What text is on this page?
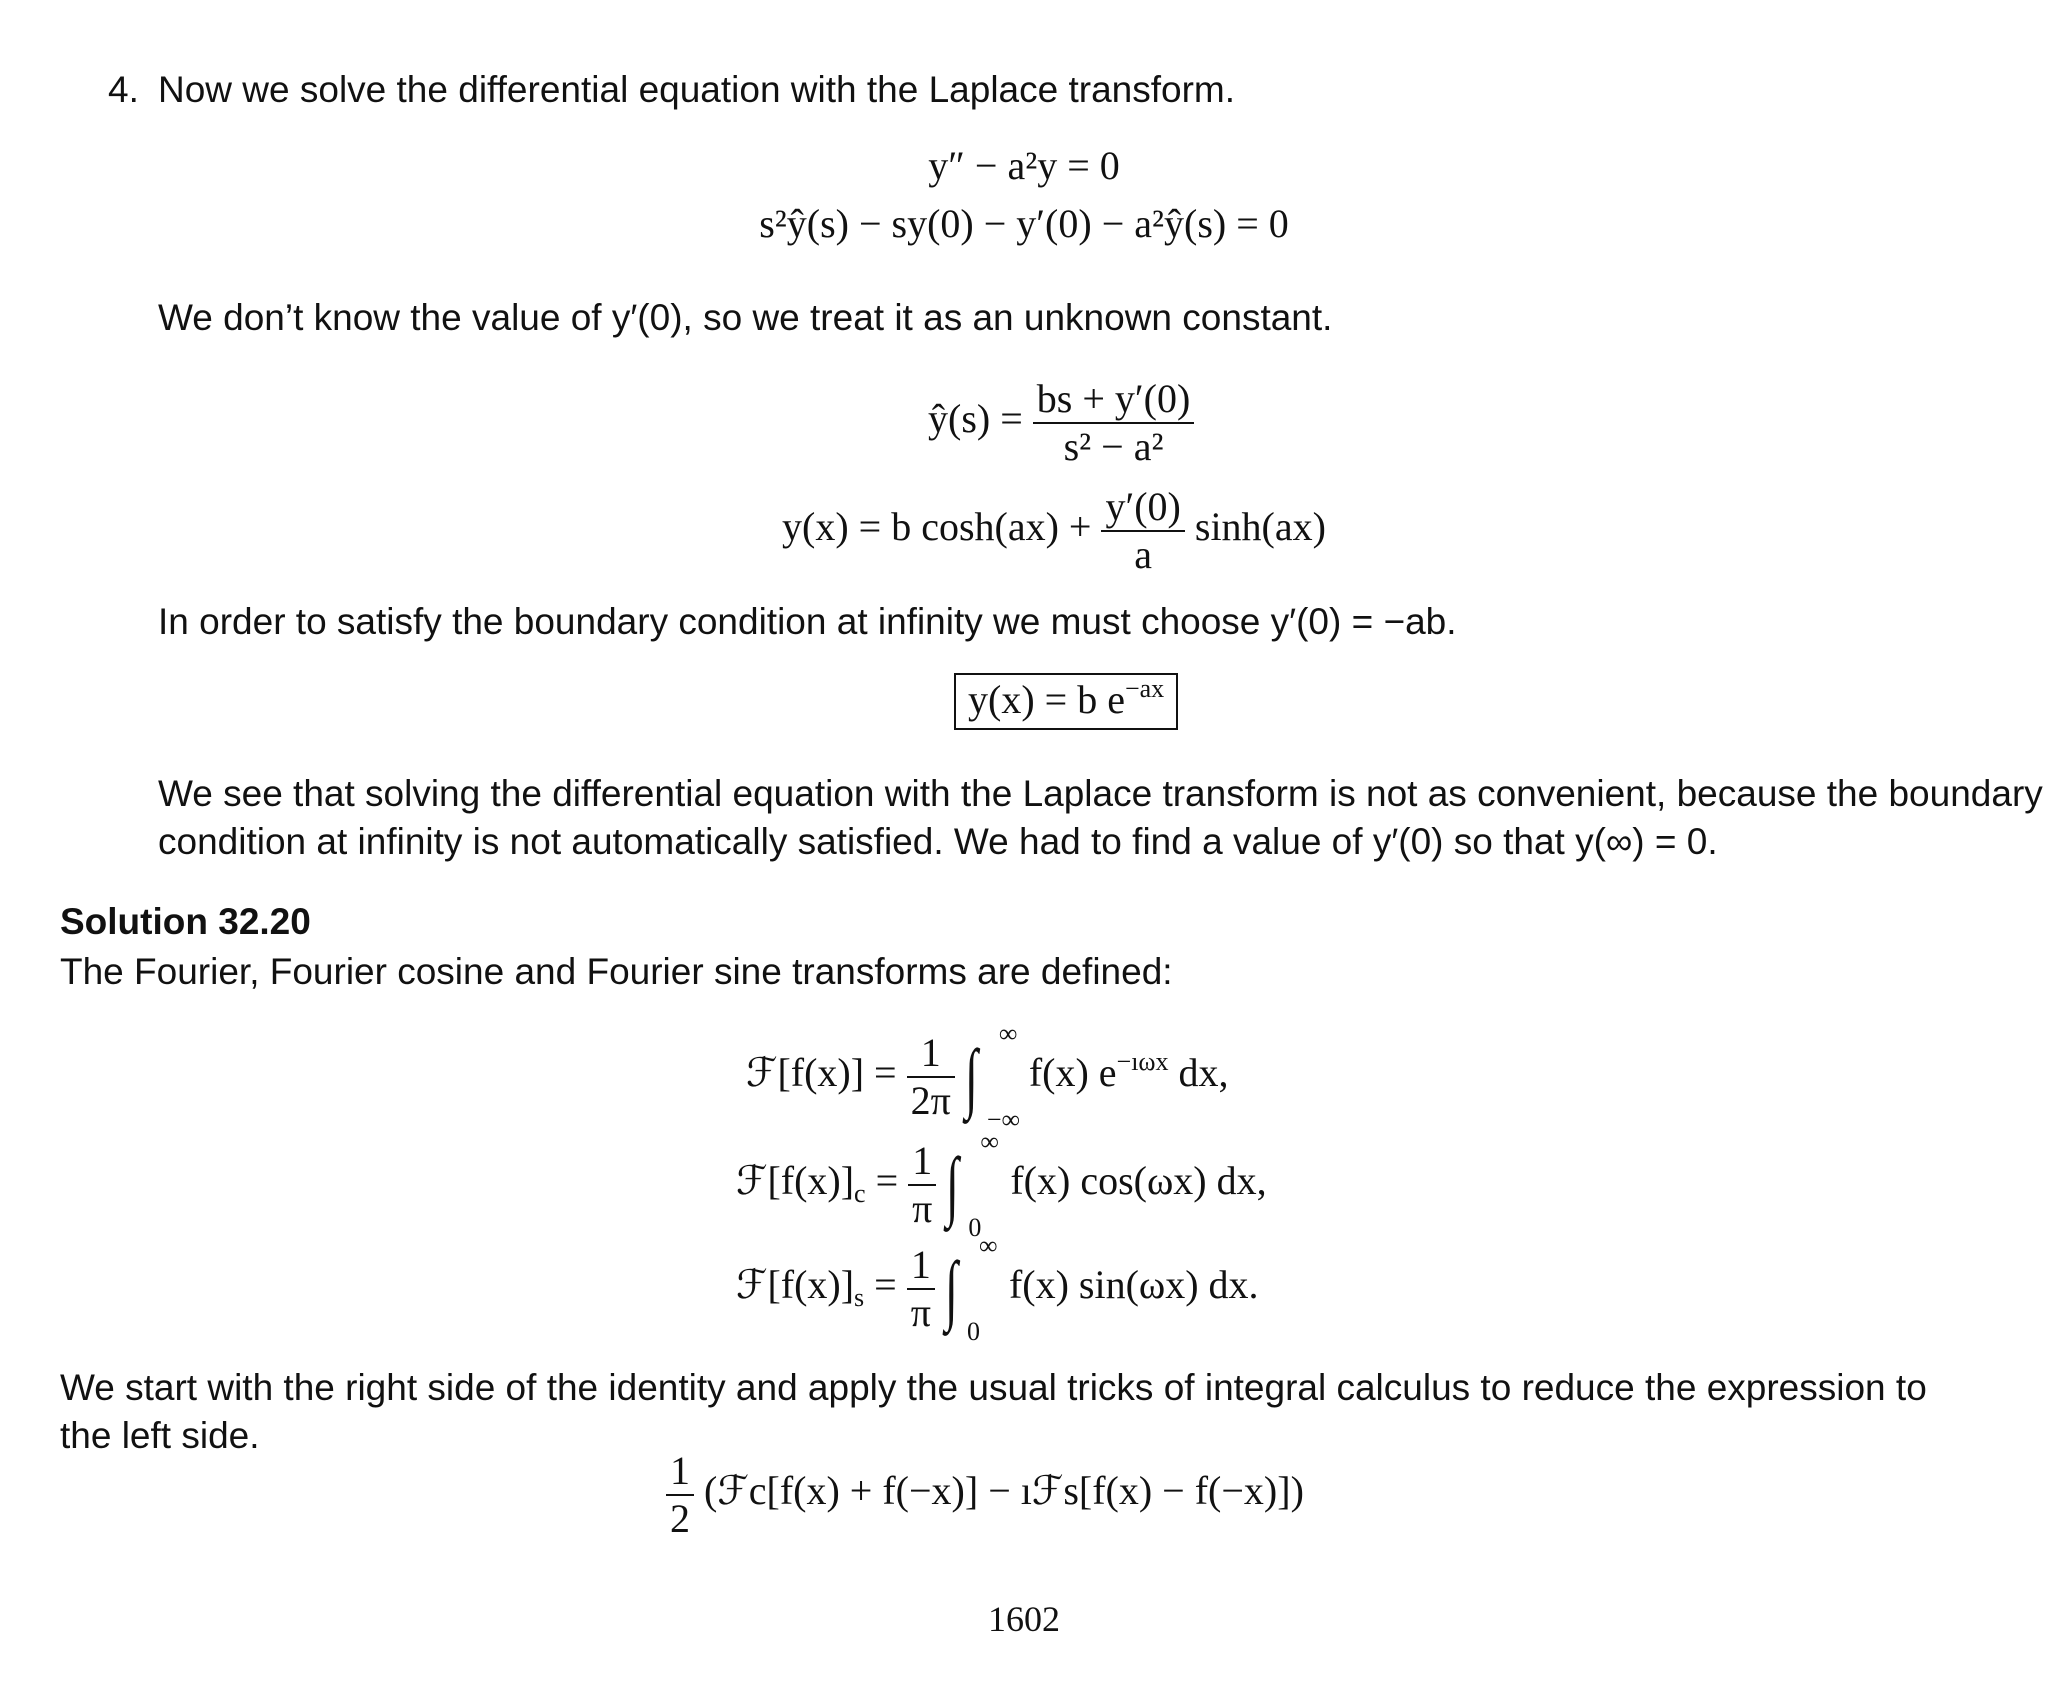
4. Now we solve the differential equation with the Laplace transform.
y″ − a²y = 0
s²ŷ(s) − sy(0) − y′(0) − a²ŷ(s) = 0
We don’t know the value of y′(0), so we treat it as an unknown constant.
ŷ(s) = $\frac{bs + y'(0)}{\text{s² − a²}}$
y(x) = b $\cosh(ax) + \frac{y'(0)}{a} \sinh(ax)$
In order to satisfy the boundary condition at infinity we must choose y′(0) = −ab.
y(x) = b $e^{-ax}$
We see that solving the differential equation with the Laplace transform is not as convenient, because the boundary
condition at infinity is not automatically satisfied. We had to find a value of y′(0) so that y(∞) = 0.
Solution 32.20
The Fourier, Fourier cosine and Fourier sine transforms are defined:
ℱ[f(x)] = $\frac{1}{2\pi}$ ∫ ∞
−∞
f(x) $e^{-ı\omega x}$ dx,
$ℱ[f(x)]_c = \frac{1}{\pi}$ ∫ ∞
0
f(x) cos(ωx) dx,
$ℱ[f(x)]_s = \frac{1}{\pi}$ ∫ ∞
0
f(x) sin(ωx) dx.
We start with the right side of the identity and apply the usual tricks of integral calculus to reduce the expression to
the left side.
$\frac{1}{2}$ (ℱc[f(x) + f(−x)] − ıℱs[f(x) − f(−x)])
1602
